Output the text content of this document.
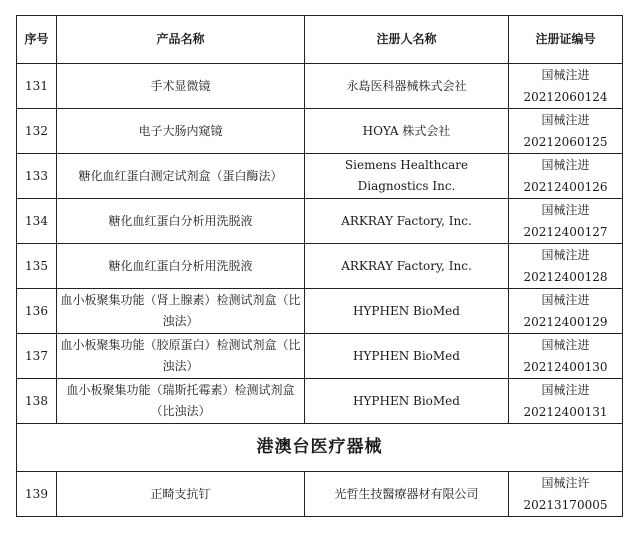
序号	产品名称	注册人名称	注册证编号
131	手术显微镜	永島医科器械株式会社	国械注进
20212060124
132	电子大肠内窥镜	HOYA 株式会社	国械注进
20212060125
133	糖化血红蛋白测定试剂盒（蛋白酶法）	Siemens Healthcare Diagnostics Inc.	国械注进
20212400126
134	糖化血红蛋白分析用洗脱液	ARKRAY Factory, Inc.	国械注进
20212400127
135	糖化血红蛋白分析用洗脱液	ARKRAY Factory, Inc.	国械注进
20212400128
136	血小板聚集功能（肾上腺素）检测试剂盒（比浊法）	HYPHEN BioMed	国械注进
20212400129
137	血小板聚集功能（胶原蛋白）检测试剂盒（比浊法）	HYPHEN BioMed	国械注进
20212400130
138	血小板聚集功能（瑞斯托霉素）检测试剂盒（比浊法）	HYPHEN BioMed	国械注进
20212400131
港澳台医疗器械			
139	正畸支抗钉	光哲生技醫療器材有限公司	国械注许
20213170005
